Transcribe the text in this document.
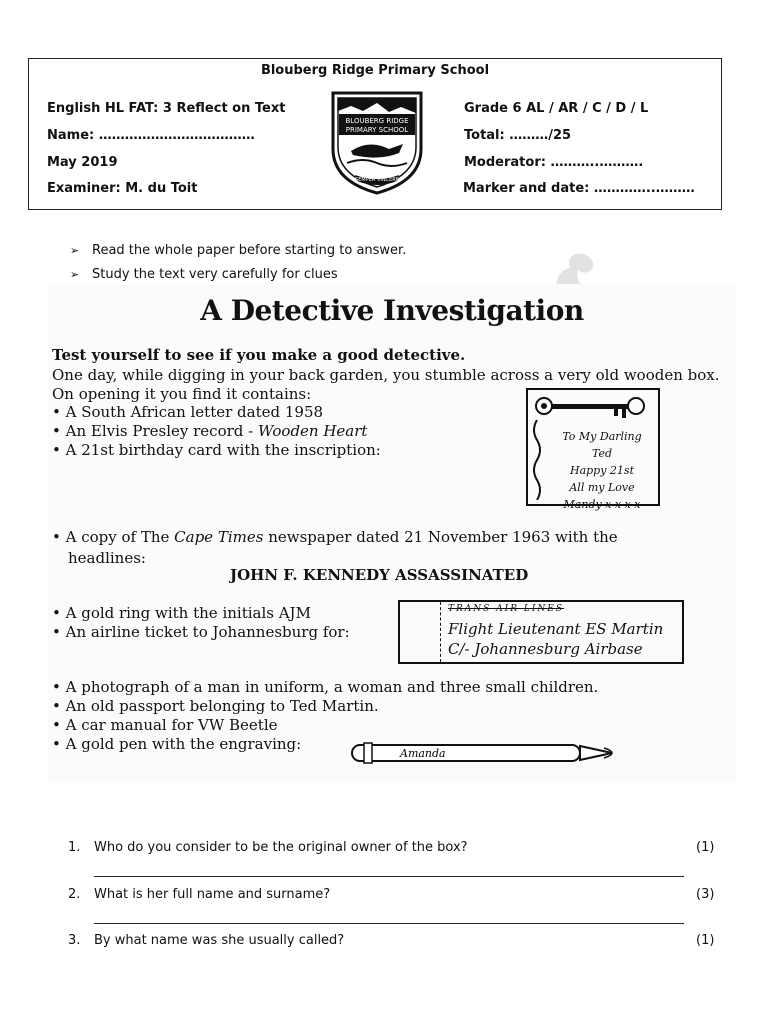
Blouberg Ridge Primary School
English HL FAT: 3 Reflect on Text
Name: ………………………………
May 2019
Examiner: M. du Toit
Grade 6 AL / AR / C / D / L
Total: ………/25
Moderator: ………..……….
Marker and date: …………..………
BLOUBERG RIDGE
PRIMARY SCHOOL
SEMPER VINCERE
➢ Read the whole paper before starting to answer.
➢ Study the text very carefully for clues
A Detective Investigation
Test yourself to see if you make a good detective.
One day, while digging in your back garden, you stumble across a very old wooden box.
On opening it you find it contains:
• A South African letter dated 1958
• An Elvis Presley record - Wooden Heart
• A 21st birthday card with the inscription:
To My Darling Ted
Happy 21st
All my Love
Mandy x x x x
• A copy of The Cape Times newspaper dated 21 November 1963 with the
headlines:
JOHN F. KENNEDY ASSASSINATED
• A gold ring with the initials AJM
• An airline ticket to Johannesburg for:
TRANS AIR LINES
Flight Lieutenant ES Martin
C/- Johannesburg Airbase
• A photograph of a man in uniform, a woman and three small children.
• An old passport belonging to Ted Martin.
• A car manual for VW Beetle
• A gold pen with the engraving:
Amanda
1. Who do you consider to be the original owner of the box?	(1)
2. What is her full name and surname?	(3)
3. By what name was she usually called?	(1)
